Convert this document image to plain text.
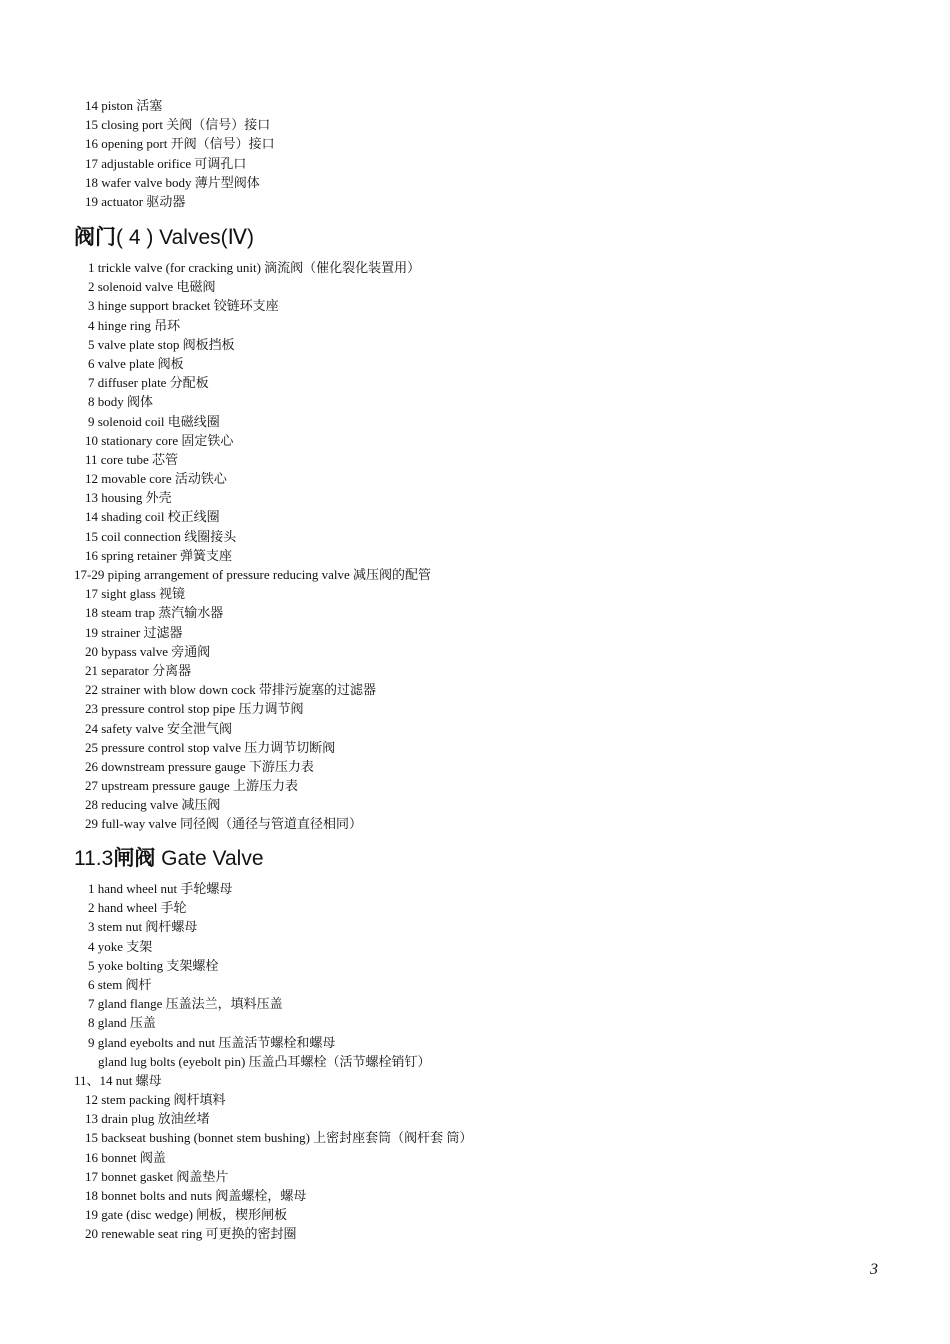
14 piston 活塞
15 closing port 关阀（信号）接口
16 opening port 开阀（信号）接口
17 adjustable orifice 可调孔口
18 wafer valve body 薄片型阀体
19 actuator 驱动器
阀门( 4 ) Valves(Ⅳ)
1 trickle valve (for cracking unit) 滴流阀（催化裂化装置用）
2 solenoid valve 电磁阀
3 hinge support bracket 铰链环支座
4 hinge ring 吊环
5 valve plate stop 阀板挡板
6 valve plate 阀板
7 diffuser plate 分配板
8 body 阀体
9 solenoid coil 电磁线圈
10 stationary core 固定铁心
11 core tube 芯管
12 movable core 活动铁心
13 housing 外壳
14 shading coil 校正线圈
15 coil connection 线圈接头
16 spring retainer 弹簧支座
17-29 piping arrangement of pressure reducing valve 减压阀的配管
17 sight glass 视镜
18 steam trap 蒸汽输水器
19 strainer 过滤器
20 bypass valve 旁通阀
21 separator 分离器
22 strainer with blow down cock 带排污旋塞的过滤器
23 pressure control stop pipe 压力调节阀
24 safety valve 安全泄气阀
25 pressure control stop valve 压力调节切断阀
26 downstream pressure gauge 下游压力表
27 upstream pressure gauge 上游压力表
28 reducing valve 减压阀
29 full-way valve 同径阀（通径与管道直径相同）
11.3闸阀 Gate Valve
1 hand wheel nut 手轮螺母
2 hand wheel 手轮
3 stem nut 阀杆螺母
4 yoke 支架
5 yoke bolting 支架螺栓
6 stem 阀杆
7 gland flange 压盖法兰，填料压盖
8 gland 压盖
9 gland eyebolts and nut 压盖活节螺栓和螺母
gland lug bolts (eyebolt pin) 压盖凸耳螺栓（活节螺栓销钉）
11、14 nut 螺母
12 stem packing 阀杆填料
13 drain plug 放油丝堵
15 backseat bushing (bonnet stem bushing) 上密封座套筒（阀杆套 筒）
16 bonnet 阀盖
17 bonnet gasket 阀盖垫片
18 bonnet bolts and nuts 阀盖螺栓，螺母
19 gate (disc wedge) 闸板，楔形闸板
20 renewable seat ring 可更换的密封圈
3
